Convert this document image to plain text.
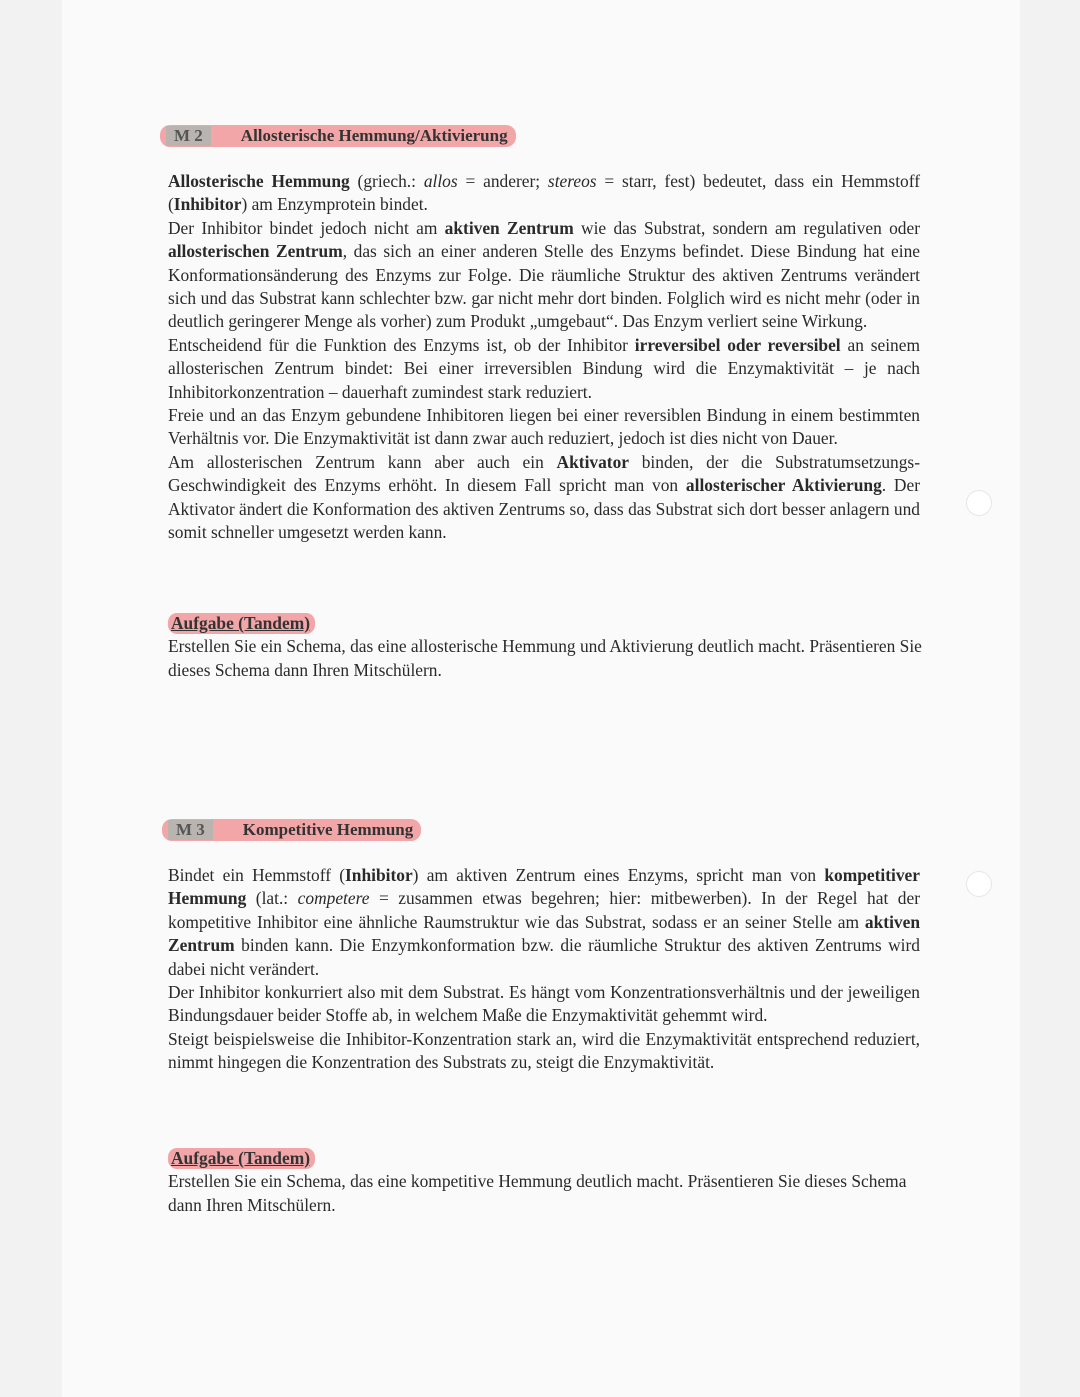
M 2	Allosterische Hemmung/Aktivierung

Allosterische Hemmung (griech.: allos = anderer; stereos = starr, fest) bedeutet, dass ein Hemmstoff (Inhibitor) am Enzymprotein bindet.

Der Inhibitor bindet jedoch nicht am aktiven Zentrum wie das Substrat, sondern am regulativen oder allosterischen Zentrum, das sich an einer anderen Stelle des Enzyms befindet. Diese Bindung hat eine Konformationsänderung des Enzyms zur Folge. Die räumliche Struktur des aktiven Zentrums verändert sich und das Substrat kann schlechter bzw. gar nicht mehr dort binden. Folglich wird es nicht mehr (oder in deutlich geringerer Menge als vorher) zum Produkt „umgebaut“. Das Enzym verliert seine Wirkung.

Entscheidend für die Funktion des Enzyms ist, ob der Inhibitor irreversibel oder reversibel an seinem allosterischen Zentrum bindet: Bei einer irreversiblen Bindung wird die Enzymaktivität – je nach Inhibitorkonzentration – dauerhaft zumindest stark reduziert.

Freie und an das Enzym gebundene Inhibitoren liegen bei einer reversiblen Bindung in einem bestimmten Verhältnis vor. Die Enzymaktivität ist dann zwar auch reduziert, jedoch ist dies nicht von Dauer.

Am allosterischen Zentrum kann aber auch ein Aktivator binden, der die Substratumsetzungs-Geschwindigkeit des Enzyms erhöht. In diesem Fall spricht man von allosterischer Aktivierung. Der Aktivator ändert die Konformation des aktiven Zentrums so, dass das Substrat sich dort besser anlagern und somit schneller umgesetzt werden kann.

Aufgabe (Tandem)
Erstellen Sie ein Schema, das eine allosterische Hemmung und Aktivierung deutlich macht. Präsentieren Sie dieses Schema dann Ihren Mitschülern.
M 3	Kompetitive Hemmung

Bindet ein Hemmstoff (Inhibitor) am aktiven Zentrum eines Enzyms, spricht man von kompetitiver Hemmung (lat.: competere = zusammen etwas begehren; hier: mitbewerben). In der Regel hat der kompetitive Inhibitor eine ähnliche Raumstruktur wie das Substrat, sodass er an seiner Stelle am aktiven Zentrum binden kann. Die Enzymkonformation bzw. die räumliche Struktur des aktiven Zentrums wird dabei nicht verändert.

Der Inhibitor konkurriert also mit dem Substrat. Es hängt vom Konzentrationsverhältnis und der jeweiligen Bindungsdauer beider Stoffe ab, in welchem Maße die Enzymaktivität gehemmt wird.

Steigt beispielsweise die Inhibitor-Konzentration stark an, wird die Enzymaktivität entsprechend reduziert, nimmt hingegen die Konzentration des Substrats zu, steigt die Enzymaktivität.

Aufgabe (Tandem)
Erstellen Sie ein Schema, das eine kompetitive Hemmung deutlich macht. Präsentieren Sie dieses Schema dann Ihren Mitschülern.
